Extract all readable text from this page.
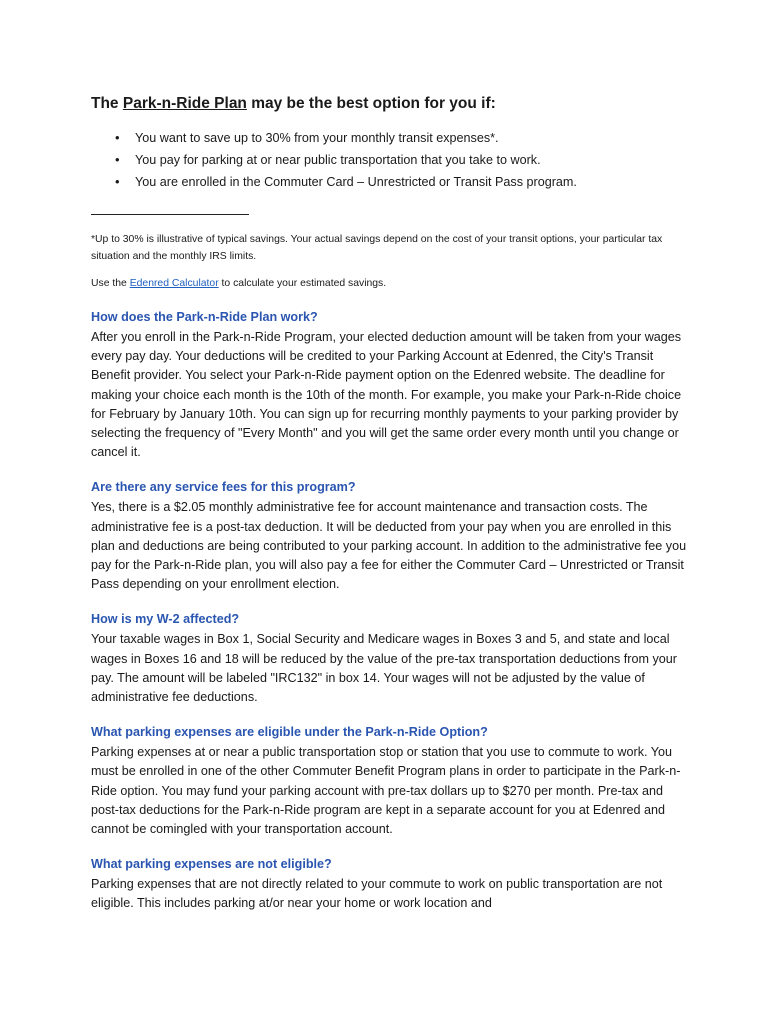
The Park-n-Ride Plan may be the best option for you if:
• You want to save up to 30% from your monthly transit expenses*.
• You pay for parking at or near public transportation that you take to work.
• You are enrolled in the Commuter Card – Unrestricted or Transit Pass program.

*Up to 30% is illustrative of typical savings. Your actual savings depend on the cost of your transit options, your particular tax situation and the monthly IRS limits.

Use the Edenred Calculator to calculate your estimated savings.

How does the Park-n-Ride Plan work?

After you enroll in the Park-n-Ride Program, your elected deduction amount will be taken from your wages every pay day. Your deductions will be credited to your Parking Account at Edenred, the City's Transit Benefit provider. You select your Park-n-Ride payment option on the Edenred website. The deadline for making your choice each month is the 10th of the month. For example, you make your Park-n-Ride choice for February by January 10th. You can sign up for recurring monthly payments to your parking provider by selecting the frequency of "Every Month" and you will get the same order every month until you change or cancel it.

Are there any service fees for this program?

Yes, there is a $2.05 monthly administrative fee for account maintenance and transaction costs. The administrative fee is a post-tax deduction. It will be deducted from your pay when you are enrolled in this plan and deductions are being contributed to your parking account. In addition to the administrative fee you pay for the Park-n-Ride plan, you will also pay a fee for either the Commuter Card – Unrestricted or Transit Pass depending on your enrollment election.

How is my W-2 affected?

Your taxable wages in Box 1, Social Security and Medicare wages in Boxes 3 and 5, and state and local wages in Boxes 16 and 18 will be reduced by the value of the pre-tax transportation deductions from your pay. The amount will be labeled "IRC132" in box 14. Your wages will not be adjusted by the value of administrative fee deductions.

What parking expenses are eligible under the Park-n-Ride Option?

Parking expenses at or near a public transportation stop or station that you use to commute to work. You must be enrolled in one of the other Commuter Benefit Program plans in order to participate in the Park-n-Ride option. You may fund your parking account with pre-tax dollars up to $270 per month. Pre-tax and post-tax deductions for the Park-n-Ride program are kept in a separate account for you at Edenred and cannot be comingled with your transportation account.

What parking expenses are not eligible?

Parking expenses that are not directly related to your commute to work on public transportation are not eligible. This includes parking at/or near your home or work location and
